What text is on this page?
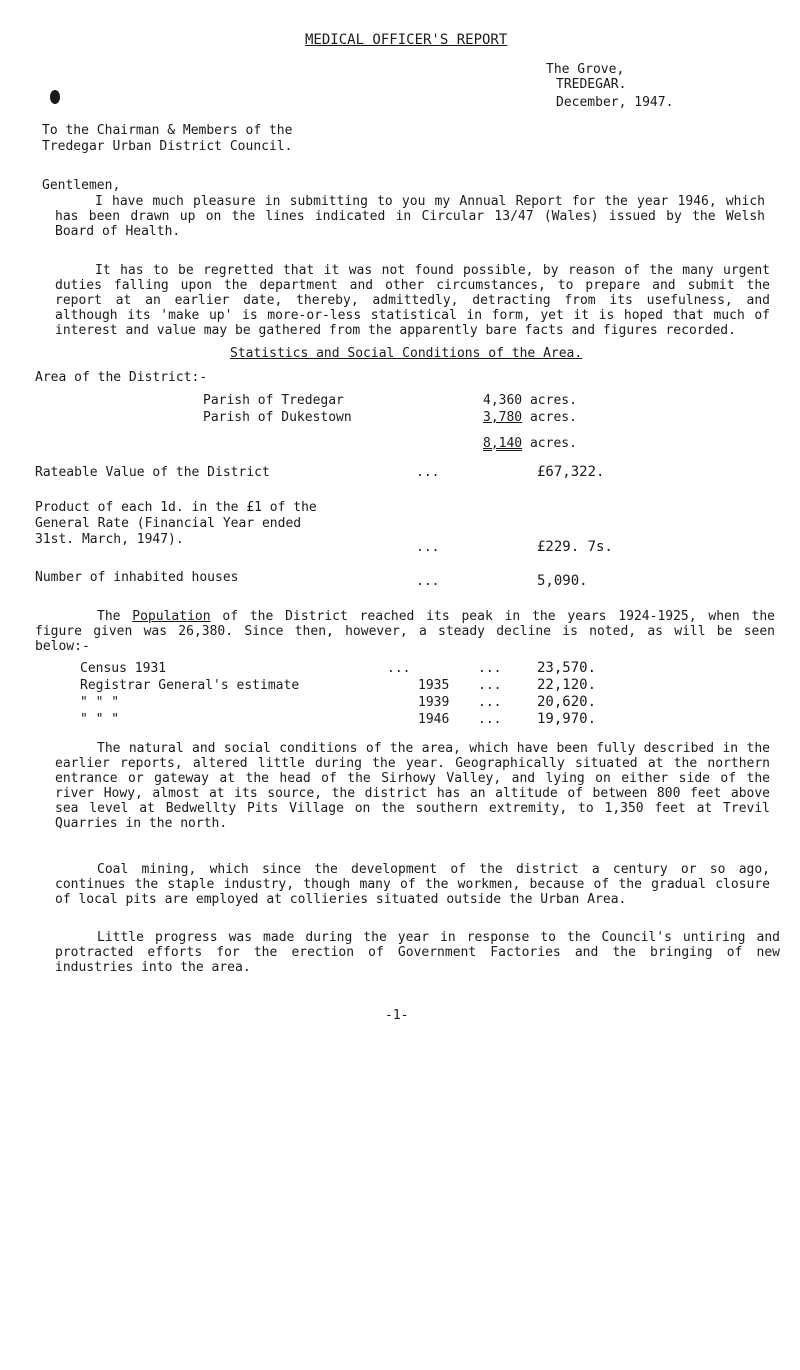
MEDICAL OFFICER'S REPORT
The Grove,
TREDEGAR.
December, 1947.
To the Chairman & Members of the
Tredegar Urban District Council.
Gentlemen,
I have much pleasure in submitting to you my Annual Report for the year 1946, which has been drawn up on the lines indicated in Circular 13/47 (Wales) issued by the Welsh Board of Health.
It has to be regretted that it was not found possible, by reason of the many urgent duties falling upon the department and other circumstances, to prepare and submit the report at an earlier date, thereby, admittedly, detracting from its usefulness, and although its 'make up' is more-or-less statistical in form, yet it is hoped that much of interest and value may be gathered from the apparently bare facts and figures recorded.
Statistics and Social Conditions of the Area.
Area of the District:-
Parish of Tredegar	4,360 acres.
Parish of Dukestown	3,780 acres.
8,140 acres.
Rateable Value of the District	...	£67,322.
Product of each 1d. in the £1 of the
General Rate (Financial Year ended
31st. March, 1947).
...	£229. 7s.
Number of inhabited houses	...	5,090.
The Population of the District reached its peak in the years 1924-1925, when the figure given was 26,380. Since then, however, a steady decline is noted, as will be seen below:-
Census 1931	...	...	23,570.
Registrar General's estimate	1935 ...	22,120.
" " "	1939 ...	20,620.
" " "	1946 ...	19,970.
The natural and social conditions of the area, which have been fully described in the earlier reports, altered little during the year. Geographically situated at the northern entrance or gateway at the head of the Sirhowy Valley, and lying on either side of the river Howy, almost at its source, the district has an altitude of between 800 feet above sea level at Bedwellty Pits Village on the southern extremity, to 1,350 feet at Trevil Quarries in the north.
Coal mining, which since the development of the district a century or so ago, continues the staple industry, though many of the workmen, because of the gradual closure of local pits are employed at collieries situated outside the Urban Area.
Little progress was made during the year in response to the Council's untiring and protracted efforts for the erection of Government Factories and the bringing of new industries into the area.
-1-
